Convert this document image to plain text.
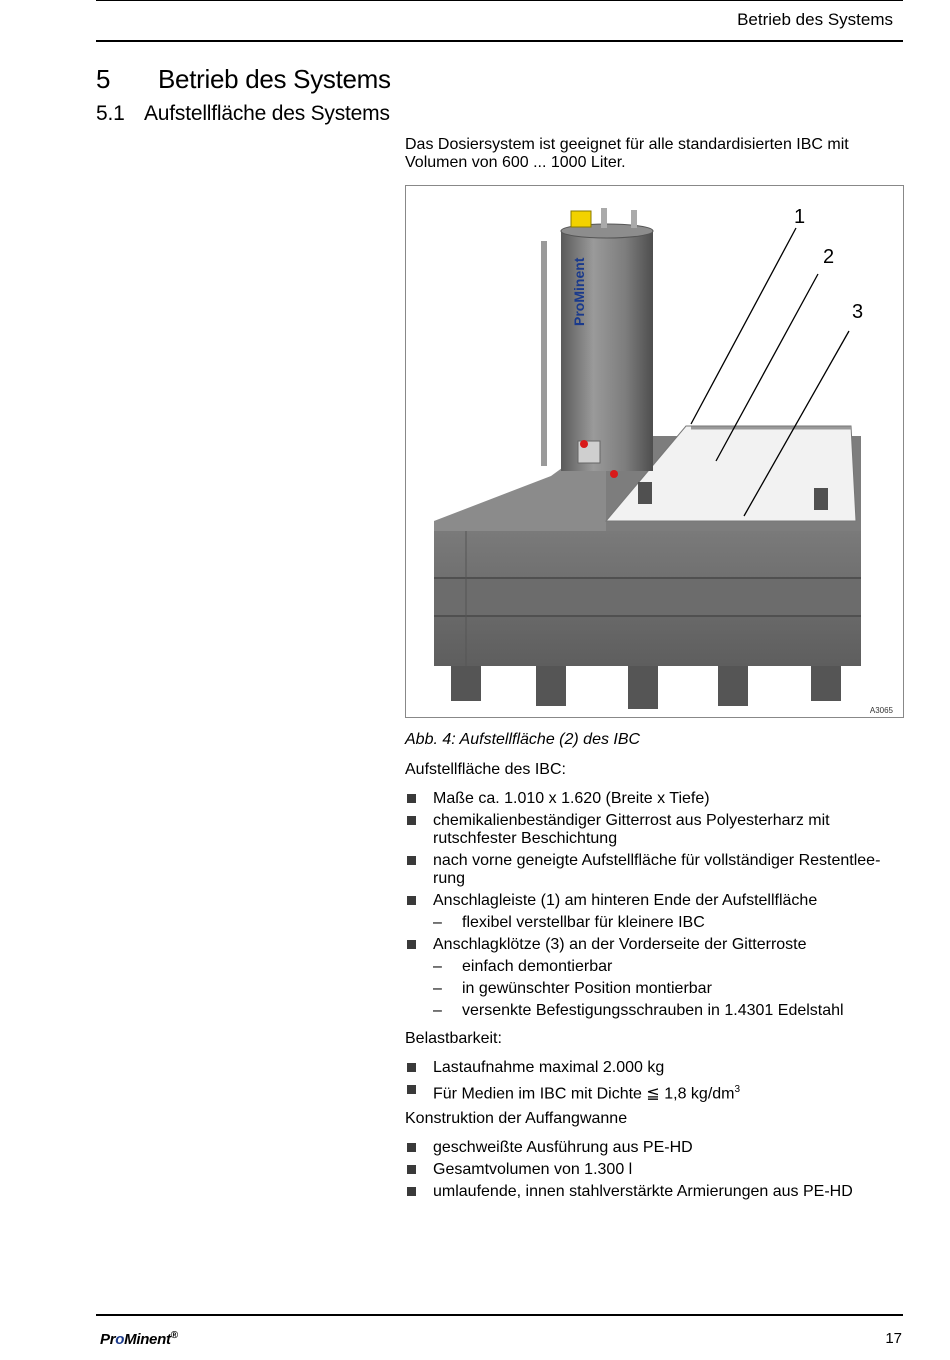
Betrieb des Systems
5 Betrieb des Systems
5.1 Aufstellfläche des Systems
Das Dosiersystem ist geeignet für alle standardisierten IBC mit Volumen von 600 ... 1000 Liter.
ProMinent
1
2
3
A3065
Abb. 4: Aufstellfläche (2) des IBC
Aufstellfläche des IBC:
Maße ca. 1.010 x 1.620 (Breite x Tiefe)
chemikalienbeständiger Gitterrost aus Polyesterharz mit rutschfester Beschichtung
nach vorne geneigte Aufstellfläche für vollständiger Restentleerung
Anschlagleiste (1) am hinteren Ende der Aufstellfläche
– flexibel verstellbar für kleinere IBC
Anschlagklötze (3) an der Vorderseite der Gitterroste
– einfach demontierbar
– in gewünschter Position montierbar
– versenkte Befestigungsschrauben in 1.4301 Edelstahl
Belastbarkeit:
Lastaufnahme maximal 2.000 kg
Für Medien im IBC mit Dichte ≦ 1,8 $kg/dm^3$
Konstruktion der Auffangwanne
geschweißte Ausführung aus PE-HD
Gesamtvolumen von 1.300 l
umlaufende, innen stahlverstärkte Armierungen aus PE-HD
ProMinent®	17
